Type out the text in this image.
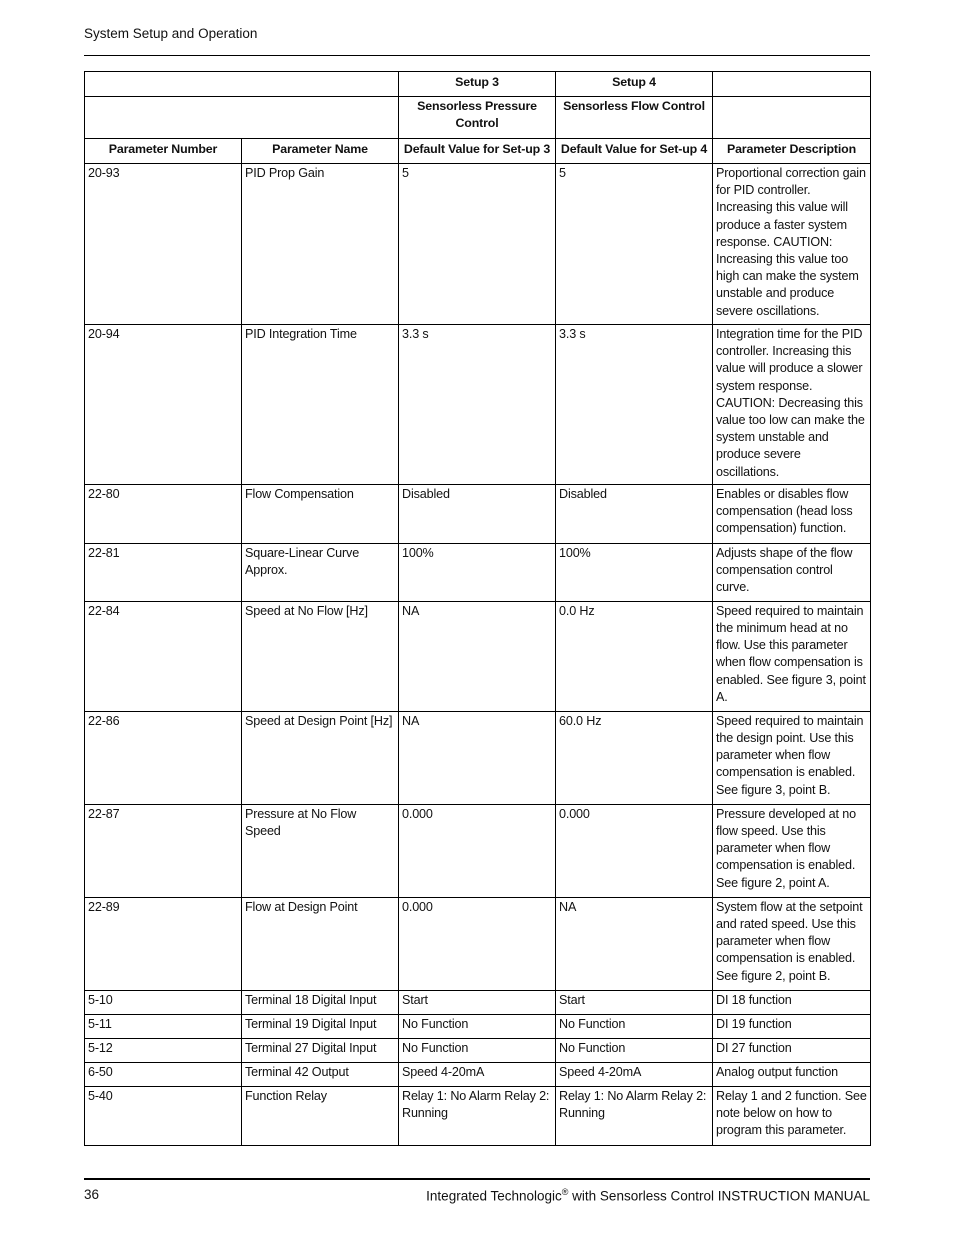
System Setup and Operation
		Setup 3	Setup 4	
		Sensorless Pressure Control	Sensorless Flow Control	
Parameter Number	Parameter Name	Default Value for Set-up 3	Default Value for Set-up 4	Parameter Description
20-93	PID Prop Gain	5	5	Proportional correction gain for PID controller. Increasing this value will produce a faster system response. CAUTION: Increasing this value too high can make the system unstable and produce severe oscillations.
20-94	PID Integration Time	3.3 s	3.3 s	Integration time for the PID controller. Increasing this value will produce a slower system response. CAUTION: Decreasing this value too low can make the system unstable and produce severe oscillations.
22-80	Flow Compensation	Disabled	Disabled	Enables or disables flow compensation (head loss compensation) function.
22-81	Square-Linear Curve Approx.	100%	100%	Adjusts shape of the flow compensation control curve.
22-84	Speed at No Flow [Hz]	NA	0.0 Hz	Speed required to maintain the minimum head at no flow. Use this parameter when flow compensation is enabled. See figure 3, point A.
22-86	Speed at Design Point [Hz]	NA	60.0 Hz	Speed required to maintain the design point. Use this parameter when flow compensation is enabled. See figure 3, point B.
22-87	Pressure at No Flow Speed	0.000	0.000	Pressure developed at no flow speed. Use this parameter when flow compensation is enabled. See figure 2, point A.
22-89	Flow at Design Point	0.000	NA	System flow at the setpoint and rated speed. Use this parameter when flow compensation is enabled. See figure 2, point B.
5-10	Terminal 18 Digital Input	Start	Start	DI 18 function
5-11	Terminal 19 Digital Input	No Function	No Function	DI 19 function
5-12	Terminal 27 Digital Input	No Function	No Function	DI 27 function
6-50	Terminal 42 Output	Speed 4-20mA	Speed 4-20mA	Analog output function
5-40	Function Relay	Relay 1: No Alarm Relay 2: Running	Relay 1: No Alarm Relay 2: Running	Relay 1 and 2 function. See note below on how to program this parameter.
36	Integrated Technologic® with Sensorless Control INSTRUCTION MANUAL
